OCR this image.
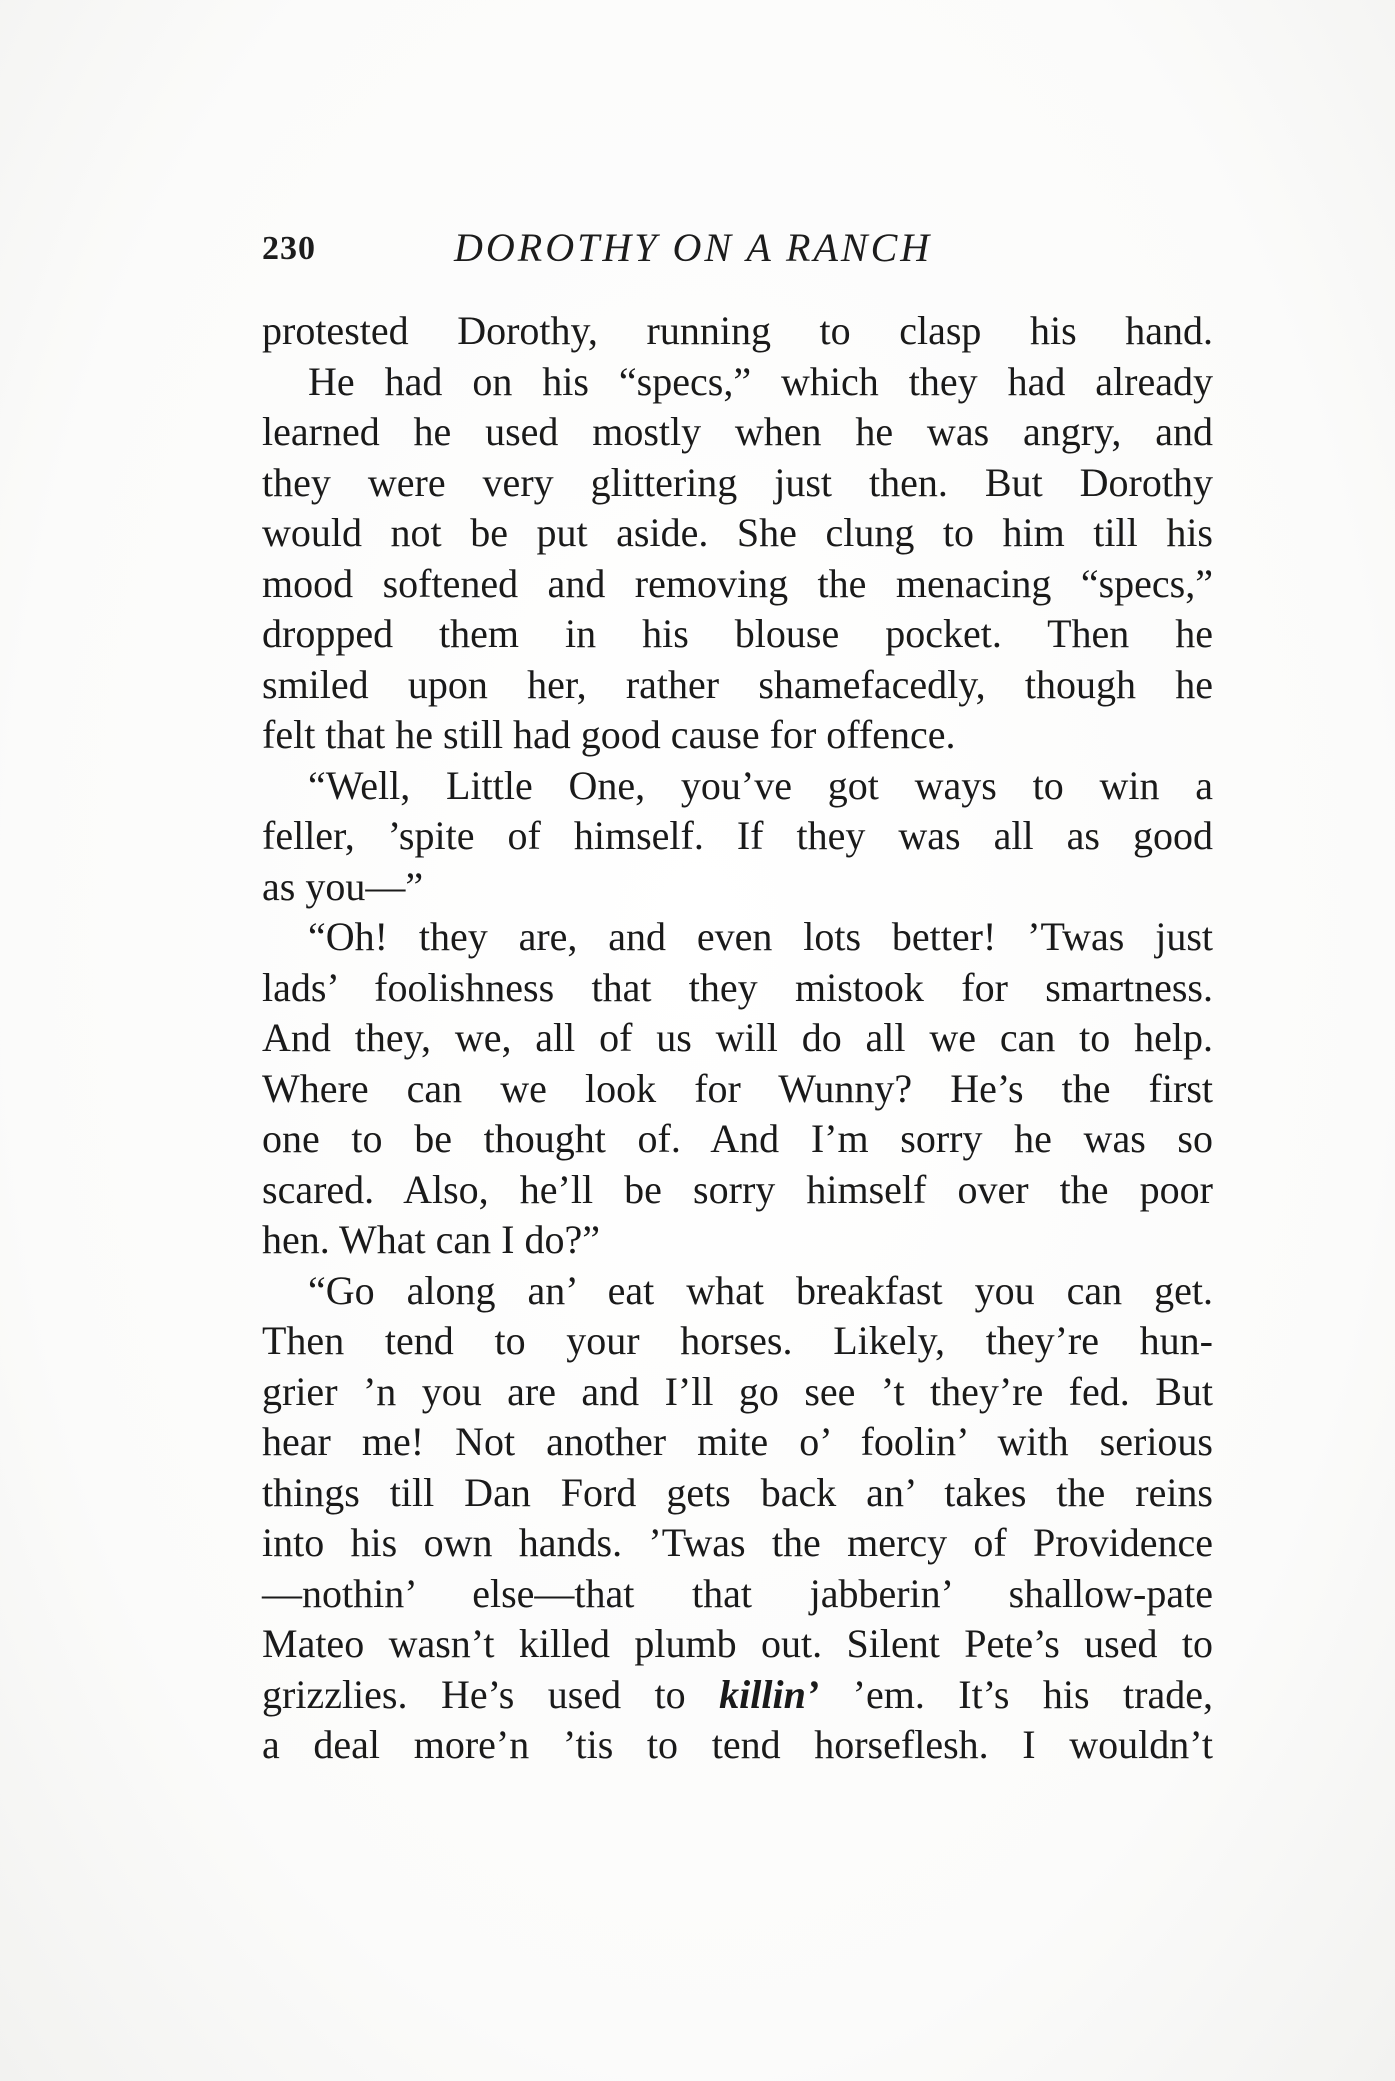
230	DOROTHY ON A RANCH
protested Dorothy, running to clasp his hand.
He had on his “specs,” which they had already
learned he used mostly when he was angry, and
they were very glittering just then. But Dorothy
would not be put aside. She clung to him till his
mood softened and removing the menacing “specs,”
dropped them in his blouse pocket. Then he
smiled upon her, rather shamefacedly, though he
felt that he still had good cause for offence.
“Well, Little One, you’ve got ways to win a
feller, ’spite of himself. If they was all as good
as you—”
“Oh! they are, and even lots better! ’Twas just
lads’ foolishness that they mistook for smartness.
And they, we, all of us will do all we can to help.
Where can we look for Wunny? He’s the first
one to be thought of. And I’m sorry he was so
scared. Also, he’ll be sorry himself over the poor
hen. What can I do?”
“Go along an’ eat what breakfast you can get.
Then tend to your horses. Likely, they’re hun-
grier ’n you are and I’ll go see ’t they’re fed. But
hear me! Not another mite o’ foolin’ with serious
things till Dan Ford gets back an’ takes the reins
into his own hands. ’Twas the mercy of Providence
—nothin’ else—that that jabberin’ shallow-pate
Mateo wasn’t killed plumb out. Silent Pete’s used to
grizzlies. He’s used to killin’ ’em. It’s his trade,
a deal more’n ’tis to tend horseflesh. I wouldn’t
